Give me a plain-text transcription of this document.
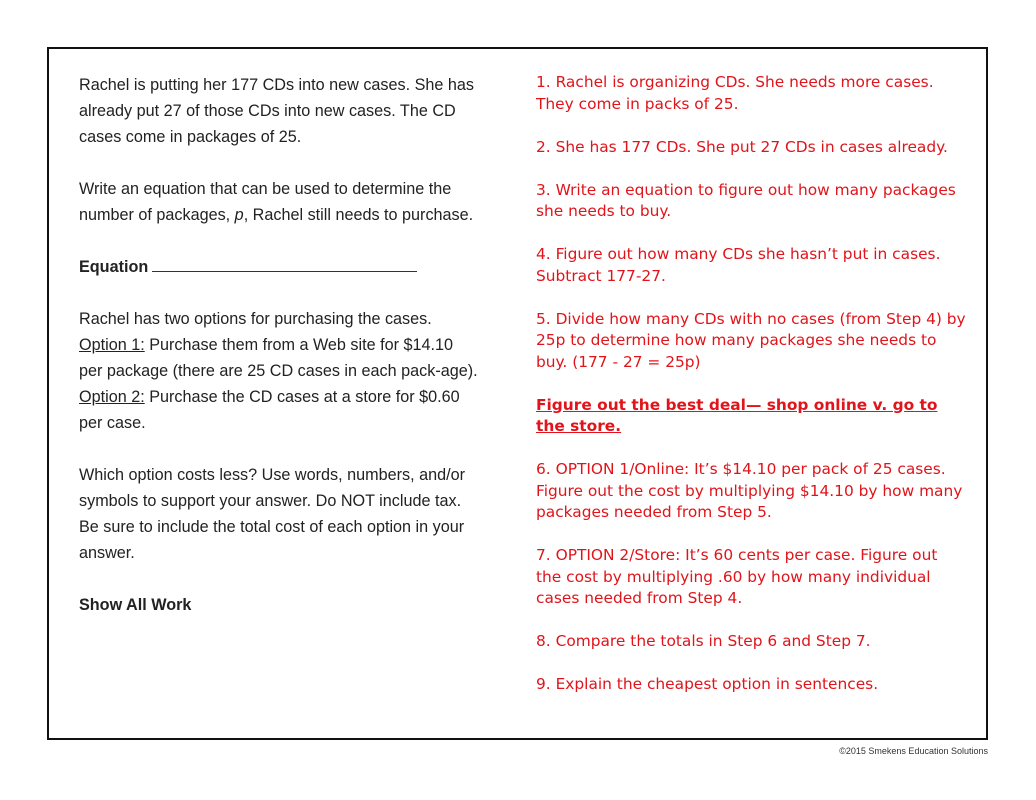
Rachel is putting her 177 CDs into new cases. She has already put 27 of those CDs into new cases. The CD cases come in packages of 25.

Write an equation that can be used to determine the number of packages, p, Rachel still needs to purchase.

Equation

Rachel has two options for purchasing the cases.

Option 1: Purchase them from a Web site for $14.10 per package (there are 25 CD cases in each pack-age).

Option 2: Purchase the CD cases at a store for $0.60 per case.

Which option costs less? Use words, numbers, and/or symbols to support your answer. Do NOT include tax. Be sure to include the total cost of each option in your answer.

Show All Work

1. Rachel is organizing CDs. She needs more cases. They come in packs of 25.

2. She has 177 CDs. She put 27 CDs in cases already.

3. Write an equation to figure out how many packages she needs to buy.

4. Figure out how many CDs she hasn’t put in cases. Subtract 177-27.

5. Divide how many CDs with no cases (from Step 4) by 25p to determine how many packages she needs to buy. (177 - 27 = 25p)

Figure out the best deal— shop online v. go to the store.

6. OPTION 1/Online: It’s $14.10 per pack of 25 cases. Figure out the cost by multiplying $14.10 by how many packages needed from Step 5.

7. OPTION 2/Store: It’s 60 cents per case. Figure out the cost by multiplying .60 by how many individual cases needed from Step 4.

8. Compare the totals in Step 6 and Step 7.

9. Explain the cheapest option in sentences.

©2015 Smekens Education Solutions
